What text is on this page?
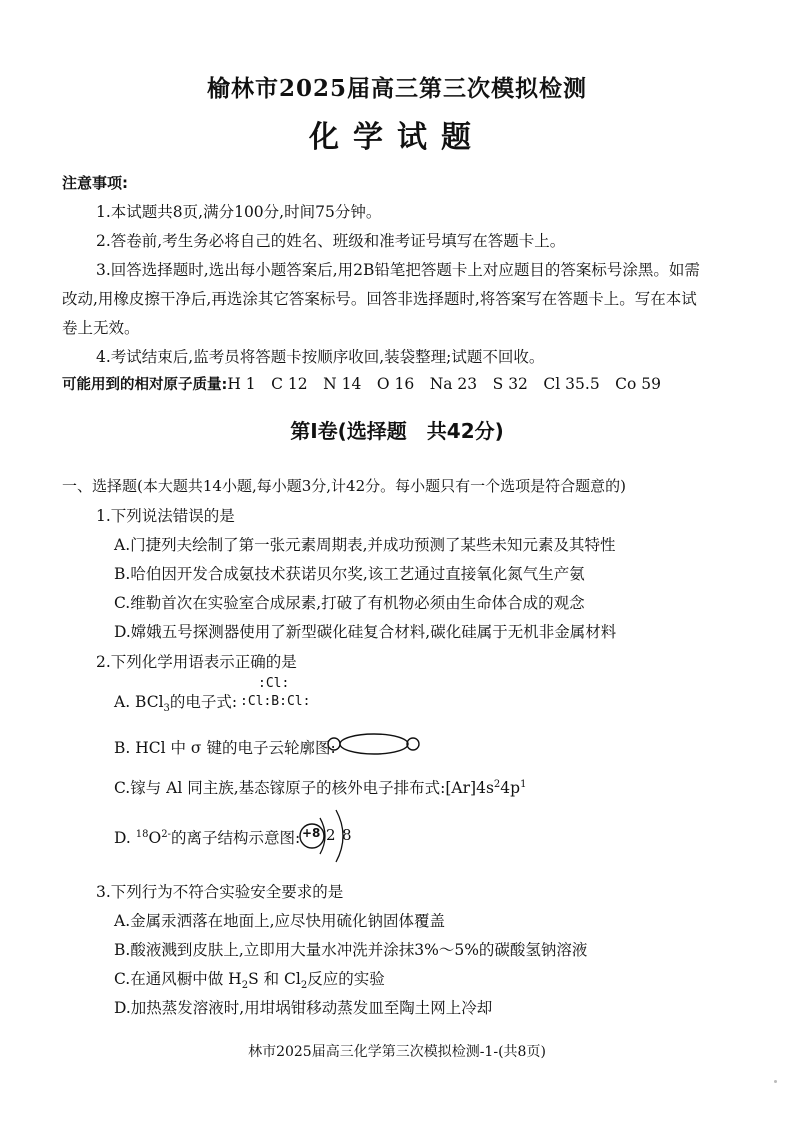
榆林市2025届高三第三次模拟检测
化学试题
注意事项:
1.本试题共8页,满分100分,时间75分钟。
2.答卷前,考生务必将自己的姓名、班级和准考证号填写在答题卡上。
3.回答选择题时,选出每小题答案后,用2B铅笔把答题卡上对应题目的答案标号涂黑。如需
改动,用橡皮擦干净后,再选涂其它答案标号。回答非选择题时,将答案写在答题卡上。写在本试
卷上无效。
4.考试结束后,监考员将答题卡按顺序收回,装袋整理;试题不回收。
可能用到的相对原子质量:H 1　C 12　N 14　O 16　Na 23　S 32　Cl 35.5　Co 59
第Ⅰ卷(选择题　共42分)
一、选择题(本大题共14小题,每小题3分,计42分。每小题只有一个选项是符合题意的)
1.下列说法错误的是
A.门捷列夫绘制了第一张元素周期表,并成功预测了某些未知元素及其特性
B.哈伯因开发合成氨技术获诺贝尔奖,该工艺通过直接氧化氮气生产氨
C.维勒首次在实验室合成尿素,打破了有机物必须由生命体合成的观念
D.嫦娥五号探测器使用了新型碳化硅复合材料,碳化硅属于无机非金属材料
2.下列化学用语表示正确的是
A. BCl$_3$的电子式:
:Cl:
:Cl:B:Cl:
B. HCl 中 σ 键的电子云轮廓图:
C.镓与 Al 同主族,基态镓原子的核外电子排布式$:[Ar]4s^24p^1$
D. $^{18}O^{2-}$的离子结构示意图: +8 2 8
3.下列行为不符合实验安全要求的是
A.金属汞洒落在地面上,应尽快用硫化钠固体覆盖
B.酸液溅到皮肤上,立即用大量水冲洗并涂抹3%～5%的碳酸氢钠溶液
C.在通风橱中做 $H_2S$ 和 $Cl_2$反应的实验
D.加热蒸发溶液时,用坩埚钳移动蒸发皿至陶土网上冷却
林市2025届高三化学第三次模拟检测-1-(共8页)
